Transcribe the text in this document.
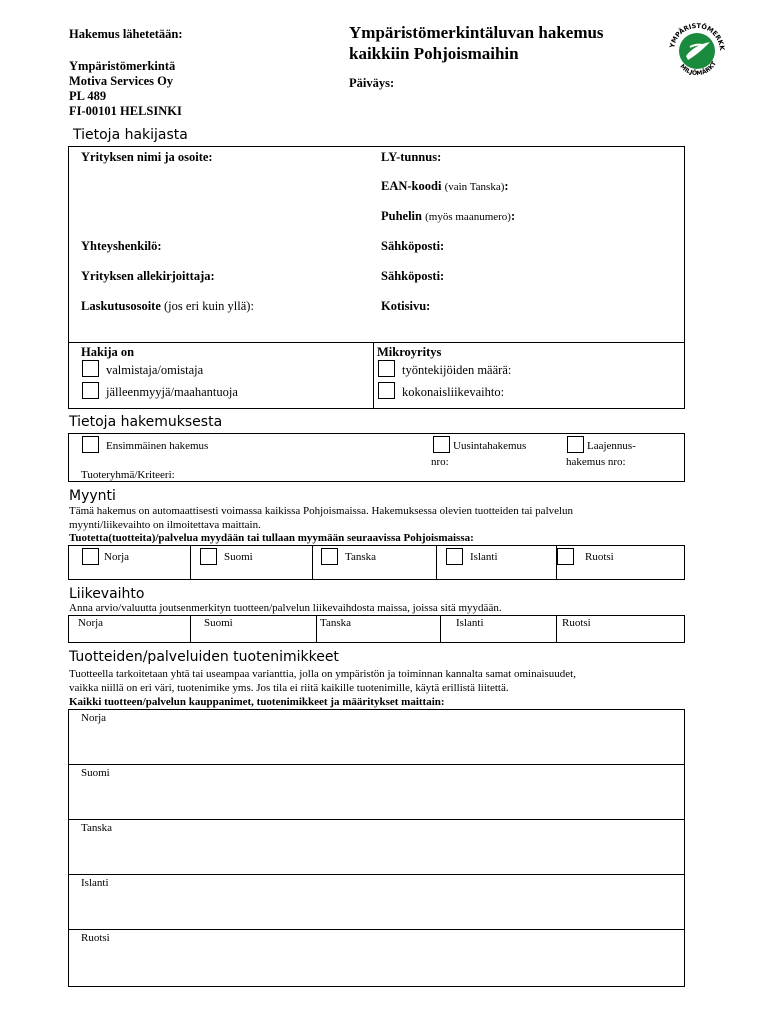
Hakemus lähetetään:
Ympäristömerkintä
Motiva Services Oy
PL 489
FI-00101 HELSINKI
Ympäristömerkintäluvan hakemus
kaikkiin Pohjoismaihin
Päiväys:
YMPÄRISTÖMERKK
MILJÖMÄRKT
Tietoja hakijasta
Yrityksen nimi ja osoite:	LY-tunnus:
EAN-koodi (vain Tanska):
Puhelin (myös maanumero):
Yhteyshenkilö:	Sähköposti:
Yrityksen allekirjoittaja:	Sähköposti:
Laskutusosoite (jos eri kuin yllä):	Kotisivu:
Hakija on
valmistaja/omistaja
jälleenmyyjä/maahantuoja
Mikroyritys
työntekijöiden määrä:
kokonaisliikevaihto:
Tietoja hakemuksesta
Ensimmäinen hakemus	Uusintahakemus
nro:
Laajennus-
hakemus nro:
Tuoteryhmä/Kriteeri:
Myynti
Tämä hakemus on automaattisesti voimassa kaikissa Pohjoismaissa. Hakemuksessa olevien tuotteiden tai palvelun
myynti/liikevaihto on ilmoitettava maittain.
Tuotetta(tuotteita)/palvelua myydään tai tullaan myymään seuraavissa Pohjoismaissa:
Norja	Suomi	Tanska	Islanti	Ruotsi
Liikevaihto
Anna arvio/valuutta joutsenmerkityn tuotteen/palvelun liikevaihdosta maissa, joissa sitä myydään.
Norja	Suomi	Tanska	Islanti	Ruotsi
Tuotteiden/palveluiden tuotenimikkeet
Tuotteella tarkoitetaan yhtä tai useampaa varianttia, jolla on ympäristön ja toiminnan kannalta samat ominaisuudet,
vaikka niillä on eri väri, tuotenimike yms. Jos tila ei riitä kaikille tuotenimille, käytä erillistä liitettä.
Kaikki tuotteen/palvelun kauppanimet, tuotenimikkeet ja määritykset maittain:
Norja
Suomi
Tanska
Islanti
Ruotsi
